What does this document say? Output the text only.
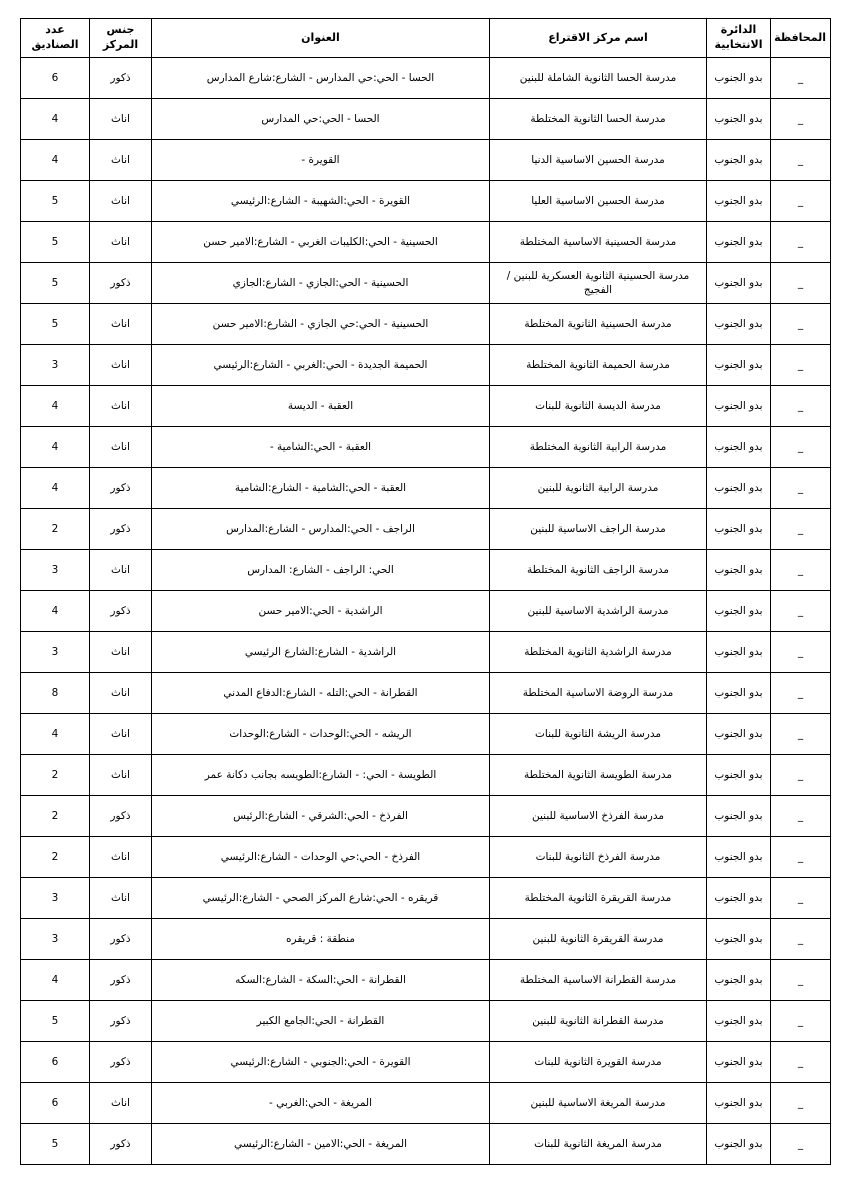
المحافظة	الدائرة الانتخابية	اسم مركز الاقتراع	العنوان	جنس المركز	عدد الصناديق
_	بدو الجنوب	مدرسة الحسا الثانوية الشاملة للبنين	الحسا - الحي:حي المدارس - الشارع:شارع المدارس	ذكور	6
_	بدو الجنوب	مدرسة الحسا الثانوية المختلطة	الحسا - الحي:حي المدارس	اناث	4
_	بدو الجنوب	مدرسة الحسين الاساسية الدنيا	القويرة -	اناث	4
_	بدو الجنوب	مدرسة الحسين الاساسية العليا	القويرة - الحي:الشهيبة - الشارع:الرئيسي	اناث	5
_	بدو الجنوب	مدرسة الحسينية الاساسية المختلطة	الحسينية - الحي:الكليبات الغربي - الشارع:الامير حسن	اناث	5
_	بدو الجنوب	مدرسة الحسينية الثانوية العسكرية للبنين / الفجيج	الحسينية - الحي:الجازي - الشارع:الجازي	ذكور	5
_	بدو الجنوب	مدرسة الحسينية الثانوية المختلطة	الحسينية - الحي:حي الجازي - الشارع:الامير حسن	اناث	5
_	بدو الجنوب	مدرسة الحميمة الثانوية المختلطة	الحميمة الجديدة - الحي:الغربي - الشارع:الرئيسي	اناث	3
_	بدو الجنوب	مدرسة الديسة الثانوية للبنات	العقبة - الديسة	اناث	4
_	بدو الجنوب	مدرسة الرابية الثانوية المختلطة	العقبة - الحي:الشامية -	اناث	4
_	بدو الجنوب	مدرسة الرابية الثانوية للبنين	العقبة - الحي:الشامية - الشارع:الشامية	ذكور	4
_	بدو الجنوب	مدرسة الراجف الاساسية للبنين	الراجف - الحي:المدارس - الشارع:المدارس	ذكور	2
_	بدو الجنوب	مدرسة الراجف الثانوية المختلطة	الحي: الراجف - الشارع: المدارس	اناث	3
_	بدو الجنوب	مدرسة الراشدية الاساسية للبنين	الراشدية - الحي:الامير حسن	ذكور	4
_	بدو الجنوب	مدرسة الراشدية الثانوية المختلطة	الراشدية - الشارع:الشارع الرئيسي	اناث	3
_	بدو الجنوب	مدرسة الروضة الاساسية المختلطة	القطرانة - الحي:التله - الشارع:الدفاع المدني	اناث	8
_	بدو الجنوب	مدرسة الريشة الثانوية للبنات	الريشه - الحي:الوحدات - الشارع:الوحدات	اناث	4
_	بدو الجنوب	مدرسة الطويسة الثانوية المختلطة	الطويسة - الحي: - الشارع:الطويسه بجانب دكانة عمر	اناث	2
_	بدو الجنوب	مدرسة الفرذخ الاساسية للبنين	الفرذخ - الحي:الشرقي - الشارع:الرئيس	ذكور	2
_	بدو الجنوب	مدرسة الفرذخ الثانوية للبنات	الفرذخ - الحي:حي الوحدات - الشارع:الرئيسي	اناث	2
_	بدو الجنوب	مدرسة القريقرة الثانوية المختلطة	قريقره - الحي:شارع المركز الصحي - الشارع:الرئيسي	اناث	3
_	بدو الجنوب	مدرسة القريقرة الثانوية للبنين	منطقة : قريقره	ذكور	3
_	بدو الجنوب	مدرسة القطرانة الاساسية المختلطة	القطرانة - الحي:السكة - الشارع:السكه	ذكور	4
_	بدو الجنوب	مدرسة القطرانة الثانوية للبنين	القطرانة - الحي:الجامع الكبير	ذكور	5
_	بدو الجنوب	مدرسة القويرة الثانوية للبنات	القويرة - الحي:الجنوبي - الشارع:الرئيسي	ذكور	6
_	بدو الجنوب	مدرسة المريغة الاساسية للبنين	المريغة - الحي:الغربي -	اناث	6
_	بدو الجنوب	مدرسة المريغة الثانوية للبنات	المريغة - الحي:الامين - الشارع:الرئيسي	ذكور	5
